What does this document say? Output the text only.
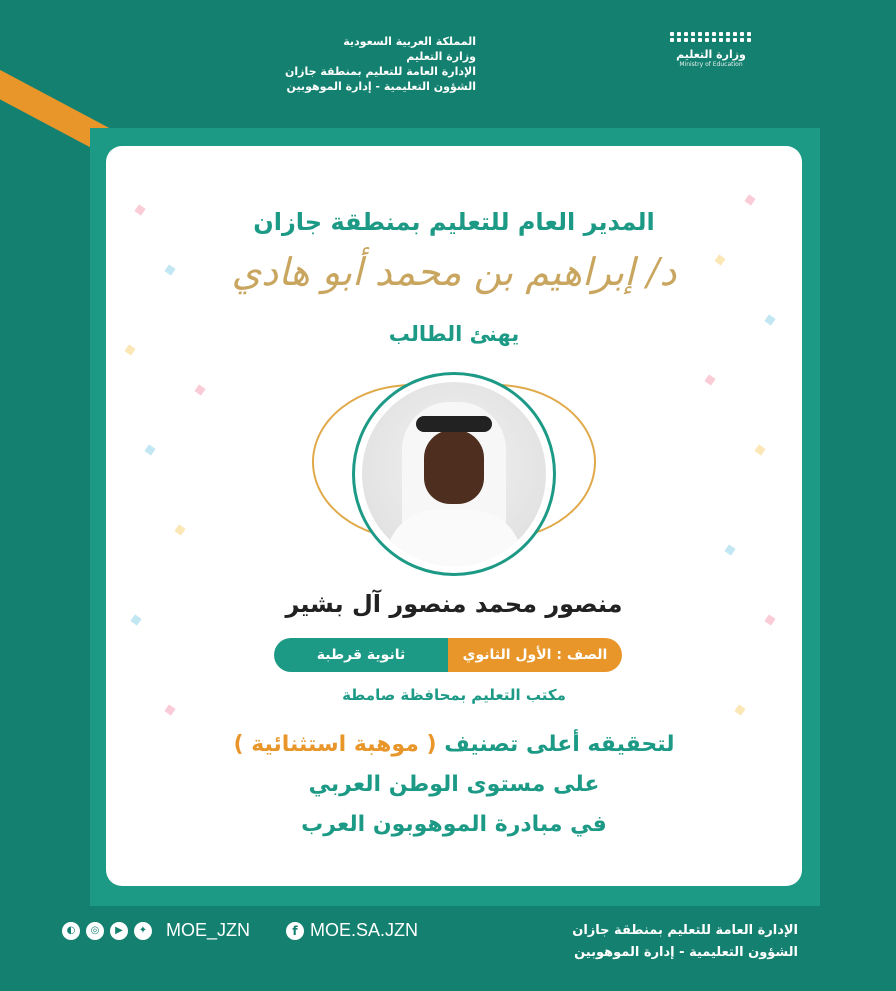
المملكة العربية السعودية
وزارة التعليم
الإدارة العامة للتعليم بمنطقة جازان
الشؤون التعليمية - إدارة الموهوبين
وزارة التعليم
Ministry of Education
المدير العام للتعليم بمنطقة جازان
د/ إبراهيم بن محمد أبو هادي
يهنئ الطالب
منصور محمد منصور آل بشير
الصف : الأول الثانوي
ثانوية قرطبة
مكتب التعليم بمحافظة صامطة
لتحقيقه أعلى تصنيف ( موهبة استثنائية )
على مستوى الوطن العربي
في مبادرة الموهوبون العرب
◐	◎	▶	✦ MOE_JZN	f MOE.SA.JZN	الإدارة العامة للتعليم بمنطقة جازان
الشؤون التعليمية - إدارة الموهوبين
